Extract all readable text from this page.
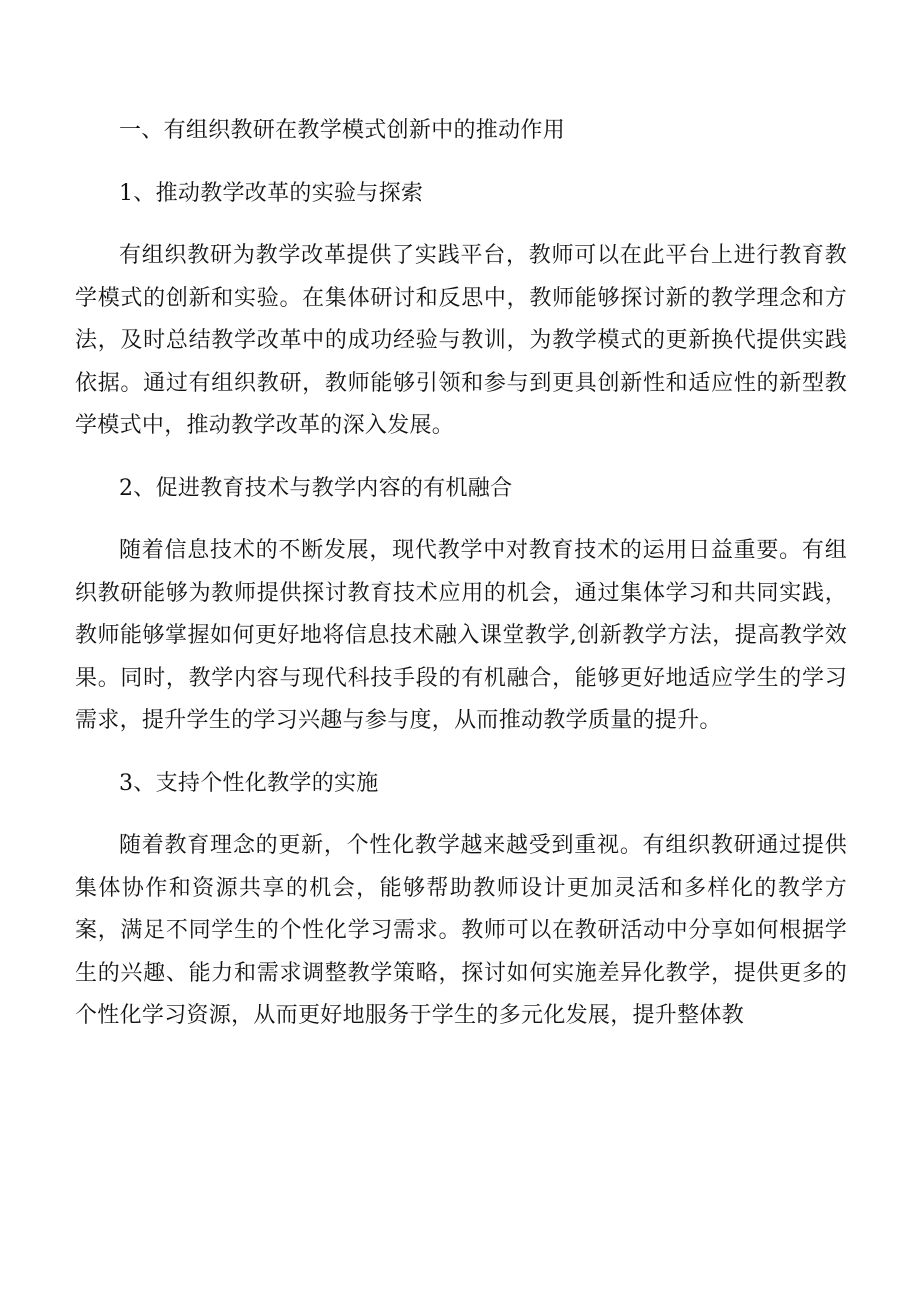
一、有组织教研在教学模式创新中的推动作用

1、推动教学改革的实验与探索

有组织教研为教学改革提供了实践平台，教师可以在此平台上进行教育教学模式的创新和实验。在集体研讨和反思中，教师能够探讨新的教学理念和方法，及时总结教学改革中的成功经验与教训，为教学模式的更新换代提供实践依据。通过有组织教研，教师能够引领和参与到更具创新性和适应性的新型教学模式中，推动教学改革的深入发展。

2、促进教育技术与教学内容的有机融合

随着信息技术的不断发展，现代教学中对教育技术的运用日益重要。有组织教研能够为教师提供探讨教育技术应用的机会，通过集体学习和共同实践，教师能够掌握如何更好地将信息技术融入课堂教学,创新教学方法，提高教学效果。同时，教学内容与现代科技手段的有机融合，能够更好地适应学生的学习需求，提升学生的学习兴趣与参与度，从而推动教学质量的提升。

3、支持个性化教学的实施

随着教育理念的更新，个性化教学越来越受到重视。有组织教研通过提供集体协作和资源共享的机会，能够帮助教师设计更加灵活和多样化的教学方案，满足不同学生的个性化学习需求。教师可以在教研活动中分享如何根据学生的兴趣、能力和需求调整教学策略，探讨如何实施差异化教学，提供更多的个性化学习资源，从而更好地服务于学生的多元化发展，提升整体教
